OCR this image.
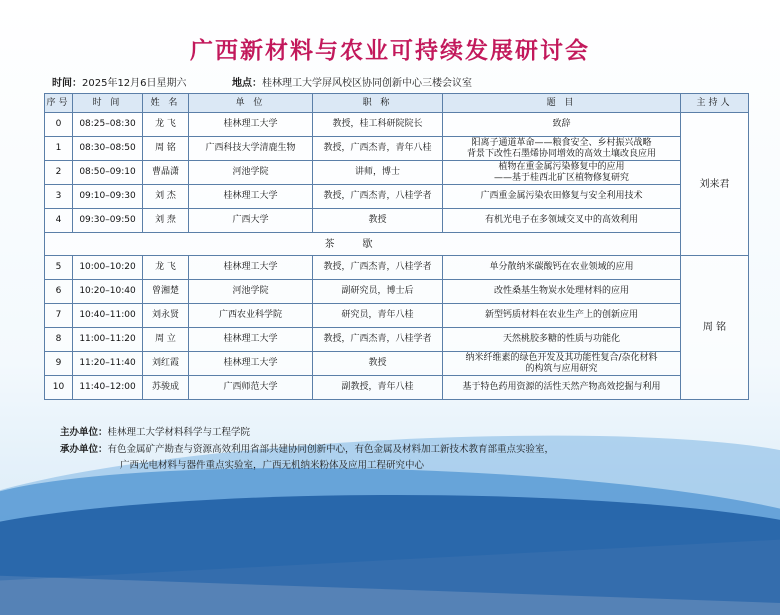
广西新材料与农业可持续发展研讨会
时间：2025年12月6日星期六	地点：桂林理工大学屏风校区协同创新中心三楼会议室
序号	时 间	姓 名	单 位	职 称	题 目	主持人
0	08:25–08:30	龙 飞	桂林理工大学	教授，桂工科研院院长	致辞	刘来君
1	08:30–08:50	周 铭	广西科技大学清鹿生物	教授，广西杰青，青年八桂	阳离子通道革命——粮食安全、乡村振兴战略
背景下改性石墨烯协同增效的高效土壤改良应用	
2	08:50–09:10	曹晶潇	河池学院	讲师，博士	植物在重金属污染修复中的应用
——基于桂西北矿区植物修复研究	
3	09:10–09:30	刘 杰	桂林理工大学	教授，广西杰青，八桂学者	广西重金属污染农田修复与安全利用技术	
4	09:30–09:50	刘 焘	广西大学	教授	有机光电子在多领域交叉中的高效利用	
茶歇						
5	10:00–10:20	龙 飞	桂林理工大学	教授，广西杰青，八桂学者	单分散纳米碳酸钙在农业领域的应用	周 铭
6	10:20–10:40	曾湘楚	河池学院	副研究员，博士后	改性桑基生物炭水处理材料的应用	
7	10:40–11:00	刘永贤	广西农业科学院	研究员，青年八桂	新型钙质材料在农业生产上的创新应用	
8	11:00–11:20	周 立	桂林理工大学	教授，广西杰青，八桂学者	天然桃胶多糖的性质与功能化	
9	11:20–11:40	刘红霞	桂林理工大学	教授	纳米纤维素的绿色开发及其功能性复合/杂化材料
的构筑与应用研究	
10	11:40–12:00	苏骏成	广西师范大学	副教授，青年八桂	基于特色药用资源的活性天然产物高效挖掘与利用	
主办单位：桂林理工大学材料科学与工程学院
承办单位：有色金属矿产勘查与资源高效利用省部共建协同创新中心，有色金属及材料加工新技术教育部重点实验室，
广西光电材料与器件重点实验室，广西无机纳米粉体及应用工程研究中心
